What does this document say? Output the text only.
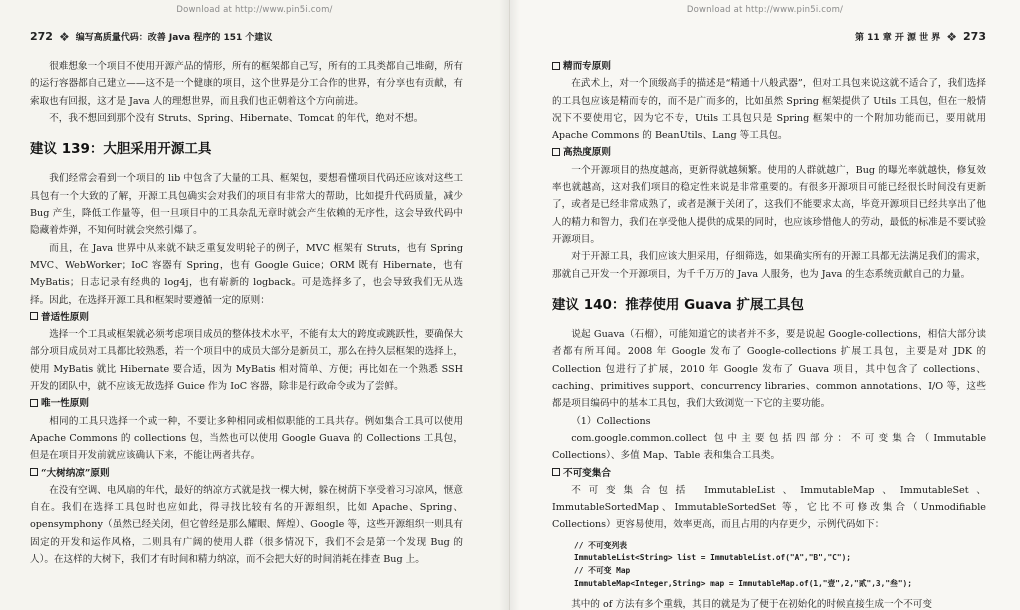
Download at http://www.pin5i.com/
272 ❖ 编写高质量代码：改善 Java 程序的 151 个建议

很难想象一个项目不使用开源产品的情形，所有的框架都自己写，所有的工具类都自己堆砌，所有的运行容器都自己建立——这不是一个健康的项目，这个世界是分工合作的世界，有分享也有贡献，有索取也有回报，这才是 Java 人的理想世界，而且我们也正朝着这个方向前进。

不，我不想回到那个没有 Struts、Spring、Hibernate、Tomcat 的年代，绝对不想。

建议 139：大胆采用开源工具

我们经常会看到一个项目的 lib 中包含了大量的工具、框架包，要想看懂项目代码还应该对这些工具包有一个大致的了解，开源工具包确实会对我们的项目有非常大的帮助，比如提升代码质量，减少 Bug 产生，降低工作量等，但一旦项目中的工具杂乱无章时就会产生依赖的无序性，这会导致代码中隐藏着炸弹，不知何时就会突然引爆了。

而且，在 Java 世界中从来就不缺乏重复发明轮子的例子，MVC 框架有 Struts，也有 Spring MVC、WebWorker；IoC 容器有 Spring，也有 Google Guice；ORM 既有 Hibernate，也有 MyBatis；日志记录有经典的 log4j，也有崭新的 logback。可是选择多了，也会导致我们无从选择。因此，在选择开源工具和框架时要遵循一定的原则：

普适性原则

选择一个工具或框架就必须考虑项目成员的整体技术水平，不能有太大的跨度或跳跃性，要确保大部分项目成员对工具都比较熟悉，若一个项目中的成员大部分是新员工，那么在持久层框架的选择上，使用 MyBatis 就比 Hibernate 要合适，因为 MyBatis 相对简单、方便；再比如在一个熟悉 SSH 开发的团队中，就不应该无故选择 Guice 作为 IoC 容器，除非是行政命令或为了尝鲜。

唯一性原则

相同的工具只选择一个或一种，不要让多种相同或相似职能的工具共存。例如集合工具可以使用 Apache Commons 的 collections 包，当然也可以使用 Google Guava 的 Collections 工具包，但是在项目开发前就应该确认下来，不能让两者共存。

“大树纳凉”原则

在没有空调、电风扇的年代，最好的纳凉方式就是找一棵大树，躲在树荫下享受着习习凉风，惬意自在。我们在选择工具包时也应如此，得寻找比较有名的开源组织，比如 Apache、Spring、opensymphony（虽然已经关闭，但它曾经是那么耀眼、辉煌）、Google 等，这些开源组织一则具有固定的开发和运作风格，二则具有广阔的使用人群（很多情况下，我们不会是第一个发现 Bug 的人）。在这样的大树下，我们才有时间和精力纳凉，而不会把大好的时间消耗在排查 Bug 上。

Download at http://www.pin5i.com/
第 11 章 开 源 世 界 ❖ 273
精而专原则

在武术上，对一个顶级高手的描述是“精通十八般武器”，但对工具包来说这就不适合了，我们选择的工具包应该是精而专的，而不是广而多的，比如虽然 Spring 框架提供了 Utils 工具包，但在一般情况下不要使用它，因为它不专，Utils 工具包只是 Spring 框架中的一个附加功能而已，要用就用 Apache Commons 的 BeanUtils、Lang 等工具包。

高热度原则

一个开源项目的热度越高，更新得就越频繁。使用的人群就越广，Bug 的曝光率就越快，修复效率也就越高，这对我们项目的稳定性来说是非常重要的。有很多开源项目可能已经很长时间没有更新了，或者是已经非常成熟了，或者是濒于关闭了，这我们不能要求太高，毕竟开源项目已经共享出了他人的精力和智力，我们在享受他人提供的成果的同时，也应该珍惜他人的劳动，最低的标准是不要试验开源项目。

对于开源工具，我们应该大胆采用，仔细筛选，如果确实所有的开源工具都无法满足我们的需求，那就自己开发一个开源项目，为千千万万的 Java 人服务，也为 Java 的生态系统贡献自己的力量。

建议 140：推荐使用 Guava 扩展工具包

说起 Guava（石榴），可能知道它的读者并不多，要是说起 Google-collections，相信大部分读者都有所耳闻。2008 年 Google 发布了 Google-collections 扩展工具包，主要是对 JDK 的 Collection 包进行了扩展，2010 年 Google 发布了 Guava 项目，其中包含了 collections、caching、primitives support、concurrency libraries、common annotations、I/O 等，这些都是项目编码中的基本工具包，我们大致浏览一下它的主要功能。

（1）Collections

com.google.common.collect 包中主要包括四部分：不可变集合（Immutable Collections）、多值 Map、Table 表和集合工具类。

不可变集合

不可变集合包括 ImmutableList、ImmutableMap、ImmutableSet、ImmutableSortedMap、ImmutableSortedSet 等，它比不可修改集合（Unmodifiable Collections）更容易使用，效率更高，而且占用的内存更少，示例代码如下：

// 不可变列表
ImmutableList<String> list = ImmutableList.of("A","B","C");
// 不可变 Map
ImmutableMap<Integer,String> map = ImmutableMap.of(1,"壹",2,"贰",3,"叁");

其中的 of 方法有多个重载，其目的就是为了便于在初始化的时候直接生成一个不可变
